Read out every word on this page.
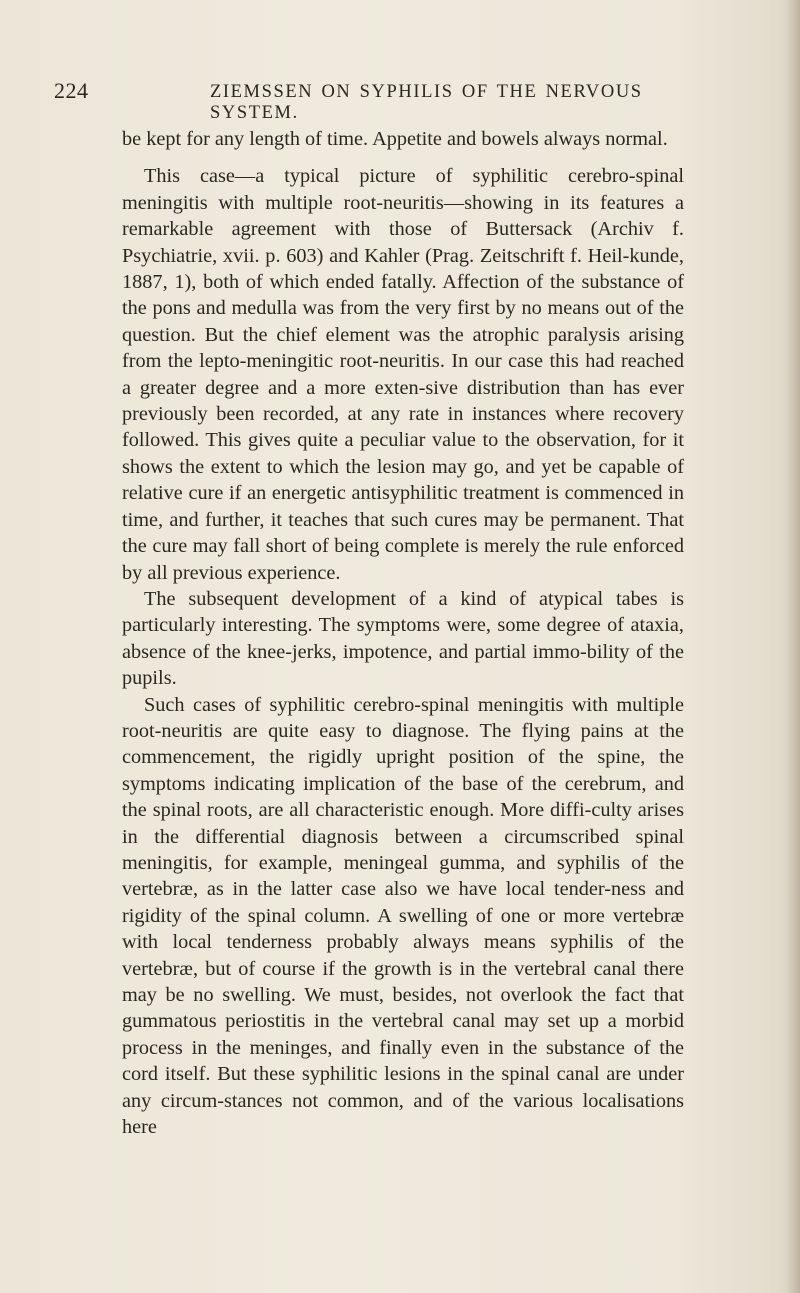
224	ZIEMSSEN ON SYPHILIS OF THE NERVOUS SYSTEM.

be kept for any length of time. Appetite and bowels always normal.

This case—a typical picture of syphilitic cerebro-spinal meningitis with multiple root-neuritis—showing in its features a remarkable agreement with those of Buttersack (Archiv f. Psychiatrie, xvii. p. 603) and Kahler (Prag. Zeitschrift f. Heil-kunde, 1887, 1), both of which ended fatally. Affection of the substance of the pons and medulla was from the very first by no means out of the question. But the chief element was the atrophic paralysis arising from the lepto-meningitic root-neuritis. In our case this had reached a greater degree and a more exten-sive distribution than has ever previously been recorded, at any rate in instances where recovery followed. This gives quite a peculiar value to the observation, for it shows the extent to which the lesion may go, and yet be capable of relative cure if an energetic antisyphilitic treatment is commenced in time, and further, it teaches that such cures may be permanent. That the cure may fall short of being complete is merely the rule enforced by all previous experience.

The subsequent development of a kind of atypical tabes is particularly interesting. The symptoms were, some degree of ataxia, absence of the knee-jerks, impotence, and partial immo-bility of the pupils.

Such cases of syphilitic cerebro-spinal meningitis with multiple root-neuritis are quite easy to diagnose. The flying pains at the commencement, the rigidly upright position of the spine, the symptoms indicating implication of the base of the cerebrum, and the spinal roots, are all characteristic enough. More diffi-culty arises in the differential diagnosis between a circumscribed spinal meningitis, for example, meningeal gumma, and syphilis of the vertebræ, as in the latter case also we have local tender-ness and rigidity of the spinal column. A swelling of one or more vertebræ with local tenderness probably always means syphilis of the vertebræ, but of course if the growth is in the vertebral canal there may be no swelling. We must, besides, not overlook the fact that gummatous periostitis in the vertebral canal may set up a morbid process in the meninges, and finally even in the substance of the cord itself. But these syphilitic lesions in the spinal canal are under any circum-stances not common, and of the various localisations here
